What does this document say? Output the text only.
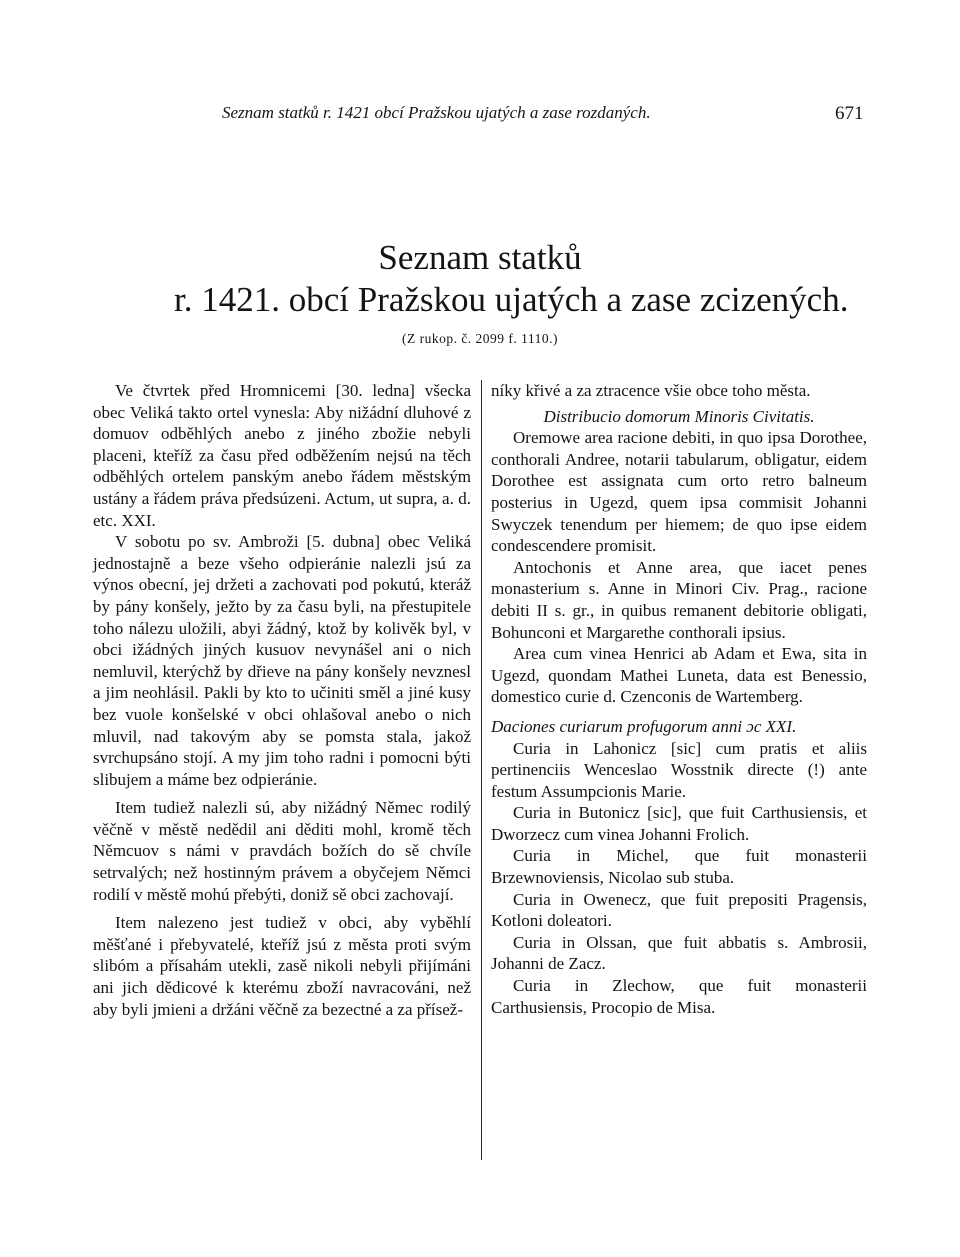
Seznam statků r. 1421 obcí Pražskou ujatých a zase rozdaných.	671
Seznam statků
r. 1421. obcí Pražskou ujatých a zase zcizených.
(Z rukop. č. 2099 f. 1110.)

Ve čtvrtek před Hromnicemi [30. ledna] všecka obec Veliká takto ortel vynesla: Aby nižádní dluhové z domuov odběhlých anebo z jiného zbožie nebyli placeni, kteříž za času před odběžením nejsú na těch odběhlých ortelem panským anebo řádem městským ustány a řádem práva předsúzeni. Actum, ut supra, a. d. etc. XXI.

V sobotu po sv. Ambroži [5. dubna] obec Veliká jednostajně a beze všeho odpieránie nalezli jsú za výnos obecní, jej držeti a zachovati pod pokutú, kteráž by pány konšely, ježto by za času byli, na přestupitele toho nálezu uložili, abyi žádný, ktož by kolivěk byl, v obci ižádných jiných kusuov nevynášel ani o nich nemluvil, kterýchž by dřieve na pány konšely nevznesl a jim neohlásil. Pakli by kto to učiniti směl a jiné kusy bez vuole konšelské v obci ohlašoval anebo o nich mluvil, nad takovým aby se pomsta stala, jakož svrchupsáno stojí. A my jim toho radni i pomocni býti slibujem a máme bez odpieránie.

Item tudiež nalezli sú, aby nižádný Němec rodilý věčně v městě nedědil ani děditi mohl, kromě těch Němcuov s námi v pravdách božích do sě chvíle setrvalých; než hostinným právem a obyčejem Němci rodilí v městě mohú přebýti, doniž sě obci zachovají.

Item nalezeno jest tudiež v obci, aby vyběhlí měšťané i přebyvatelé, kteříž jsú z města proti svým slibóm a přísahám utekli, zasě nikoli nebyli přijímáni ani jich dědicové k kterému zboží navracováni, než aby byli jmieni a držáni věčně za bezectné a za přísež-

níky křivé a za ztracence všie obce toho města.

Distribucio domorum Minoris Civitatis.

Oremowe area racione debiti, in quo ipsa Dorothee, conthorali Andree, notarii tabularum, obligatur, eidem Dorothee est assignata cum orto retro balneum posterius in Ugezd, quem ipsa commisit Johanni Swyczek tenendum per hiemem; de quo ipse eidem condescendere promisit.

Antochonis et Anne area, que iacet penes monasterium s. Anne in Minori Civ. Prag., racione debiti II s. gr., in quibus remanent debitorie obligati, Bohunconi et Margarethe conthorali ipsius.

Area cum vinea Henrici ab Adam et Ewa, sita in Ugezd, quondam Mathei Luneta, data est Benessio, domestico curie d. Czenconis de Wartemberg.

Daciones curiarum profugorum anni ɔc XXI.

Curia in Lahonicz [sic] cum pratis et aliis pertinenciis Wenceslao Wosstnik directe (!) ante festum Assumpcionis Marie.

Curia in Butonicz [sic], que fuit Carthusiensis, et Dworzecz cum vinea Johanni Frolich.

Curia in Michel, que fuit monasterii Brzewnoviensis, Nicolao sub stuba.

Curia in Owenecz, que fuit prepositi Pragensis, Kotloni doleatori.

Curia in Olssan, que fuit abbatis s. Ambrosii, Johanni de Zacz.

Curia in Zlechow, que fuit monasterii Carthusiensis, Procopio de Misa.
